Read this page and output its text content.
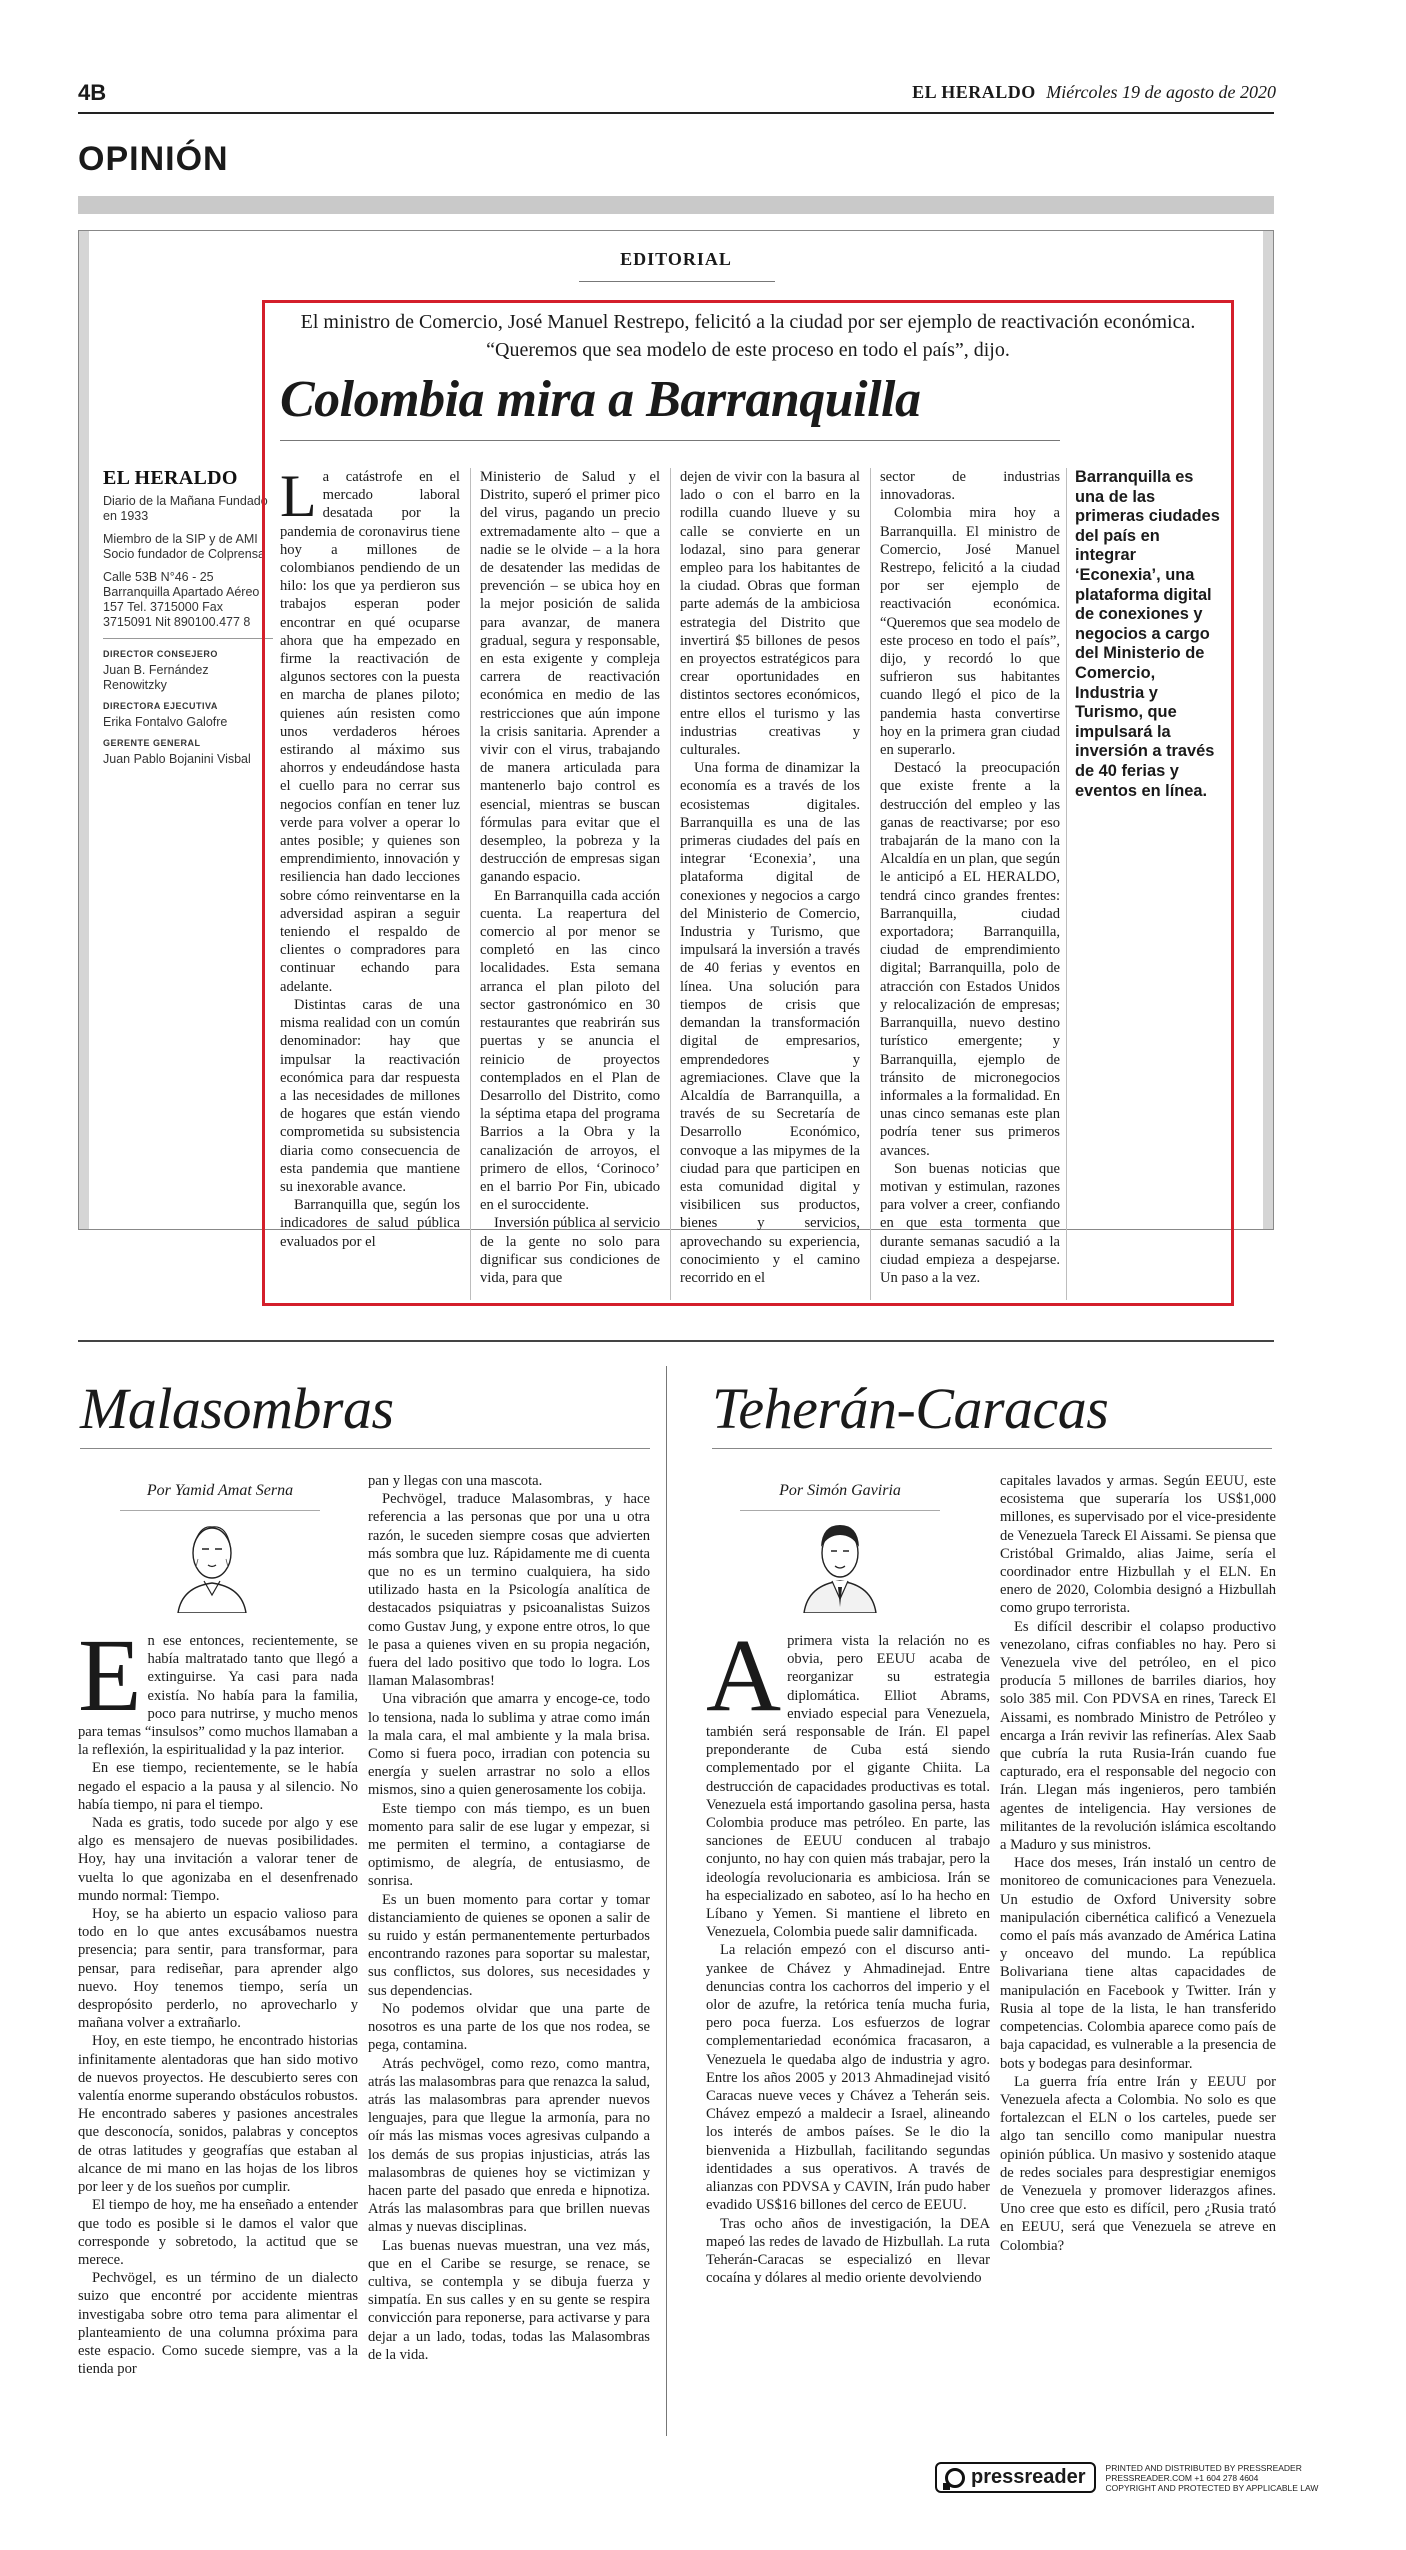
4B	EL HERALDO Miércoles 19 de agosto de 2020
OPINIÓN
EDITORIAL
EL HERALDO

Diario de la Mañana Fundado en 1933

Miembro de la SIP y de AMI Socio fundador de Colprensa

Calle 53B N°46 - 25 Barranquilla Apartado Aéreo 157 Tel. 3715000 Fax 3715091 Nit 890100.477 8

DIRECTOR CONSEJERO
Juan B. Fernández Renowitzky
DIRECTORA EJECUTIVA
Erika Fontalvo Galofre
GERENTE GENERAL
Juan Pablo Bojanini Visbal
El ministro de Comercio, José Manuel Restrepo, felicitó a la ciudad por ser ejemplo de reactivación económica. “Queremos que sea modelo de este proceso en todo el país”, dijo.
Colombia mira a Barranquilla

La catástrofe en el mercado laboral desatada por la pandemia de coronavirus tiene hoy a millones de colombianos pendiendo de un hilo: los que ya perdieron sus trabajos esperan poder encontrar en qué ocuparse ahora que ha empezado en firme la reactivación de algunos sectores con la puesta en marcha de planes piloto; quienes aún resisten como unos verdaderos héroes estirando al máximo sus ahorros y endeudándose hasta el cuello para no cerrar sus negocios confían en tener luz verde para volver a operar lo antes posible; y quienes son emprendimiento, innovación y resiliencia han dado lecciones sobre cómo reinventarse en la adversidad aspiran a seguir teniendo el respaldo de clientes o compradores para continuar echando para adelante.

Distintas caras de una misma realidad con un común denominador: hay que impulsar la reactivación económica para dar respuesta a las necesidades de millones de hogares que están viendo comprometida su subsistencia diaria como consecuencia de esta pandemia que mantiene su inexorable avance.

Barranquilla que, según los indicadores de salud pública evaluados por el

Ministerio de Salud y el Distrito, superó el primer pico del virus, pagando un precio extremadamente alto – que a nadie se le olvide – a la hora de desatender las medidas de prevención – se ubica hoy en la mejor posición de salida para avanzar, de manera gradual, segura y responsable, en esta exigente y compleja carrera de reactivación económica en medio de las restricciones que aún impone la crisis sanitaria. Aprender a vivir con el virus, trabajando de manera articulada para mantenerlo bajo control es esencial, mientras se buscan fórmulas para evitar que el desempleo, la pobreza y la destrucción de empresas sigan ganando espacio.

En Barranquilla cada acción cuenta. La reapertura del comercio al por menor se completó en las cinco localidades. Esta semana arranca el plan piloto del sector gastronómico en 30 restaurantes que reabrirán sus puertas y se anuncia el reinicio de proyectos contemplados en el Plan de Desarrollo del Distrito, como la séptima etapa del programa Barrios a la Obra y la canalización de arroyos, el primero de ellos, ‘Corinoco’ en el barrio Por Fin, ubicado en el suroccidente.

Inversión pública al servicio de la gente no solo para dignificar sus condiciones de vida, para que

dejen de vivir con la basura al lado o con el barro en la rodilla cuando llueve y su calle se convierte en un lodazal, sino para generar empleo para los habitantes de la ciudad. Obras que forman parte además de la ambiciosa estrategia del Distrito que invertirá $5 billones de pesos en proyectos estratégicos para crear oportunidades en distintos sectores económicos, entre ellos el turismo y las industrias creativas y culturales.

Una forma de dinamizar la economía es a través de los ecosistemas digitales. Barranquilla es una de las primeras ciudades del país en integrar ‘Econexia’, una plataforma digital de conexiones y negocios a cargo del Ministerio de Comercio, Industria y Turismo, que impulsará la inversión a través de 40 ferias y eventos en línea. Una solución para tiempos de crisis que demandan la transformación digital de empresarios, emprendedores y agremiaciones. Clave que la Alcaldía de Barranquilla, a través de su Secretaría de Desarrollo Económico, convoque a las mipymes de la ciudad para que participen en esta comunidad digital y visibilicen sus productos, bienes y servicios, aprovechando su experiencia, conocimiento y el camino recorrido en el

sector de industrias innovadoras.

Colombia mira hoy a Barranquilla. El ministro de Comercio, José Manuel Restrepo, felicitó a la ciudad por ser ejemplo de reactivación económica. “Queremos que sea modelo de este proceso en todo el país”, dijo, y recordó lo que sufrieron sus habitantes cuando llegó el pico de la pandemia hasta convertirse hoy en la primera gran ciudad en superarlo.

Destacó la preocupación que existe frente a la destrucción del empleo y las ganas de reactivarse; por eso trabajarán de la mano con la Alcaldía en un plan, que según le anticipó a EL HERALDO, tendrá cinco grandes frentes: Barranquilla, ciudad exportadora; Barranquilla, ciudad de emprendimiento digital; Barranquilla, polo de atracción con Estados Unidos y relocalización de empresas; Barranquilla, nuevo destino turístico emergente; y Barranquilla, ejemplo de tránsito de micronegocios informales a la formalidad. En unas cinco semanas este plan podría tener sus primeros avances.

Son buenas noticias que motivan y estimulan, razones para volver a creer, confiando en que esta tormenta que durante semanas sacudió a la ciudad empieza a despejarse. Un paso a la vez.

Barranquilla es una de las primeras ciudades del país en integrar ‘Econexia’, una plataforma digital de conexiones y negocios a cargo del Ministerio de Comercio, Industria y Turismo, que impulsará la inversión a través de 40 ferias y eventos en línea.
Malasombras
Por Yamid Amat Serna

En ese entonces, recientemente, se había maltratado tanto que llegó a extinguirse. Ya casi para nada existía. No había para la familia, poco para nutrirse, y mucho menos para temas “insulsos” como muchos llamaban a la reflexión, la espiritualidad y la paz interior.

En ese tiempo, recientemente, se le había negado el espacio a la pausa y al silencio. No había tiempo, ni para el tiempo.

Nada es gratis, todo sucede por algo y ese algo es mensajero de nuevas posibilidades. Hoy, hay una invitación a valorar tener de vuelta lo que agonizaba en el desenfrenado mundo normal: Tiempo.

Hoy, se ha abierto un espacio valioso para todo en lo que antes excusábamos nuestra presencia; para sentir, para transformar, para pensar, para rediseñar, para aprender algo nuevo. Hoy tenemos tiempo, sería un despropósito perderlo, no aprovecharlo y mañana volver a extrañarlo.

Hoy, en este tiempo, he encontrado historias infinitamente alentadoras que han sido motivo de nuevos proyectos. He descubierto seres con valentía enorme superando obstáculos robustos. He encontrado saberes y pasiones ancestrales que desconocía, sonidos, palabras y conceptos de otras latitudes y geografías que estaban al alcance de mi mano en las hojas de los libros por leer y de los sueños por cumplir.

El tiempo de hoy, me ha enseñado a entender que todo es posible si le damos el valor que corresponde y sobretodo, la actitud que se merece.

Pechvögel, es un término de un dialecto suizo que encontré por accidente mientras investigaba sobre otro tema para alimentar el planteamiento de una columna próxima para este espacio. Como sucede siempre, vas a la tienda por

pan y llegas con una mascota.

Pechvögel, traduce Malasombras, y hace referencia a las personas que por una u otra razón, le suceden siempre cosas que advierten más sombra que luz. Rápidamente me di cuenta que no es un termino cualquiera, ha sido utilizado hasta en la Psicología analítica de destacados psiquiatras y psicoanalistas Suizos como Gustav Jung, y expone entre otros, lo que le pasa a quienes viven en su propia negación, fuera del lado positivo que todo lo logra. Los llaman Malasombras!

Una vibración que amarra y encoge-ce, todo lo tensiona, nada lo sublima y atrae como imán la mala cara, el mal ambiente y la mala brisa. Como si fuera poco, irradian con potencia su energía y suelen arrastrar no solo a ellos mismos, sino a quien generosamente los cobija.

Este tiempo con más tiempo, es un buen momento para salir de ese lugar y empezar, si me permiten el termino, a contagiarse de optimismo, de alegría, de entusiasmo, de sonrisa.

Es un buen momento para cortar y tomar distanciamiento de quienes se oponen a salir de su ruido y están permanentemente perturbados encontrando razones para soportar su malestar, sus conflictos, sus dolores, sus necesidades y sus dependencias.

No podemos olvidar que una parte de nosotros es una parte de los que nos rodea, se pega, contamina.

Atrás pechvögel, como rezo, como mantra, atrás las malasombras para que renazca la salud, atrás las malasombras para aprender nuevos lenguajes, para que llegue la armonía, para no oír más las mismas voces agresivas culpando a los demás de sus propias injusticias, atrás las malasombras de quienes hoy se victimizan y hacen parte del pasado que enreda e hipnotiza. Atrás las malasombras para que brillen nuevas almas y nuevas disciplinas.

Las buenas nuevas muestran, una vez más, que en el Caribe se resurge, se renace, se cultiva, se contempla y se dibuja fuerza y simpatía. En sus calles y en su gente se respira convicción para reponerse, para activarse y para dejar a un lado, todas, todas las Malasombras de la vida.

Teherán-Caracas
Por Simón Gaviria

Aprimera vista la relación no es obvia, pero EEUU acaba de reorganizar su estrategia diplomática. Elliot Abrams, enviado especial para Venezuela, también será responsable de Irán. El papel preponderante de Cuba está siendo complementado por el gigante Chiita. La destrucción de capacidades productivas es total. Venezuela está importando gasolina persa, hasta Colombia produce mas petróleo. En parte, las sanciones de EEUU conducen al trabajo conjunto, no hay con quien más trabajar, pero la ideología revolucionaria es ambiciosa. Irán se ha especializado en saboteo, así lo ha hecho en Líbano y Yemen. Si mantiene el libreto en Venezuela, Colombia puede salir damnificada.

La relación empezó con el discurso anti-yankee de Chávez y Ahmadinejad. Entre denuncias contra los cachorros del imperio y el olor de azufre, la retórica tenía mucha furia, pero poca fuerza. Los esfuerzos de lograr complementariedad económica fracasaron, a Venezuela le quedaba algo de industria y agro. Entre los años 2005 y 2013 Ahmadinejad visitó Caracas nueve veces y Chávez a Teherán seis. Chávez empezó a maldecir a Israel, alineando los interés de ambos países. Se le dio la bienvenida a Hizbullah, facilitando segundas identidades a sus operativos. A través de alianzas con PDVSA y CAVIN, Irán pudo haber evadido US$16 billones del cerco de EEUU.

Tras ocho años de investigación, la DEA mapeó las redes de lavado de Hizbullah. La ruta Teherán-Caracas se especializó en llevar cocaína y dólares al medio oriente devolviendo

capitales lavados y armas. Según EEUU, este ecosistema que superaría los US$1,000 millones, es supervisado por el vice-presidente de Venezuela Tareck El Aissami. Se piensa que Cristóbal Grimaldo, alias Jaime, sería el coordinador entre Hizbullah y el ELN. En enero de 2020, Colombia designó a Hizbullah como grupo terrorista.

Es difícil describir el colapso productivo venezolano, cifras confiables no hay. Pero si Venezuela vive del petróleo, en el pico producía 5 millones de barriles diarios, hoy solo 385 mil. Con PDVSA en rines, Tareck El Aissami, es nombrado Ministro de Petróleo y encarga a Irán revivir las refinerías. Alex Saab que cubría la ruta Rusia-Irán cuando fue capturado, era el responsable del negocio con Irán. Llegan más ingenieros, pero también agentes de inteligencia. Hay versiones de militantes de la revolución islámica escoltando a Maduro y sus ministros.

Hace dos meses, Irán instaló un centro de monitoreo de comunicaciones para Venezuela. Un estudio de Oxford University sobre manipulación cibernética calificó a Venezuela como el país más avanzado de América Latina y onceavo del mundo. La república Bolivariana tiene altas capacidades de manipulación en Facebook y Twitter. Irán y Rusia al tope de la lista, le han transferido competencias. Colombia aparece como país de baja capacidad, es vulnerable a la presencia de bots y bodegas para desinformar.

La guerra fría entre Irán y EEUU por Venezuela afecta a Colombia. No solo es que fortalezcan el ELN o los carteles, puede ser algo tan sencillo como manipular nuestra opinión pública. Un masivo y sostenido ataque de redes sociales para desprestigiar enemigos de Venezuela y promover liderazgos afines. Uno cree que esto es difícil, pero ¿Rusia trató en EEUU, será que Venezuela se atreve en Colombia?

pressreader PRINTED AND DISTRIBUTED BY PRESSREADER
PRESSREADER.COM +1 604 278 4604
COPYRIGHT AND PROTECTED BY APPLICABLE LAW
